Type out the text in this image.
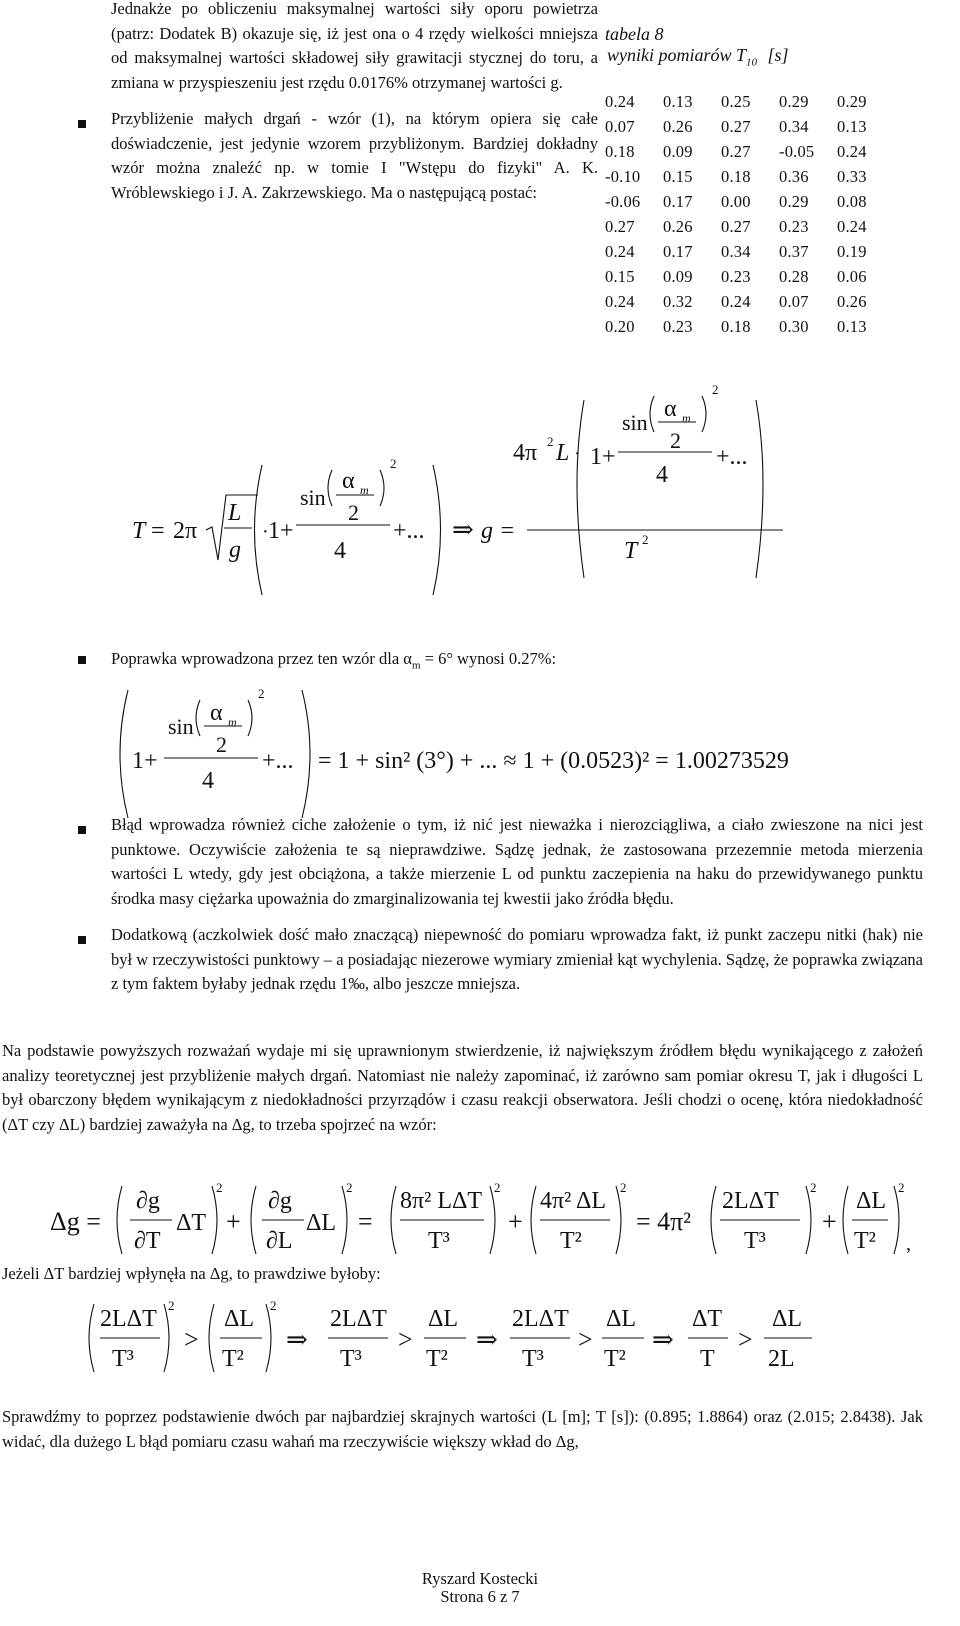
Jednakże po obliczeniu maksymalnej wartości siły oporu powietrza (patrz: Dodatek B) okazuje się, iż jest ona o 4 rzędy wielkości mniejsza od maksymalnej wartości składowej siły grawitacji stycznej do toru, a zmiana w przyspieszeniu jest rzędu 0.0176% otrzymanej wartości g.

Przybliżenie małych drgań - wzór (1), na którym opiera się całe doświadczenie, jest jedynie wzorem przybliżonym. Bardziej dokładny wzór można znaleźć np. w tomie I "Wstępu do fizyki" A. K. Wróblewskiego i J. A. Zakrzewskiego. Ma o następującą postać:

tabela 8
wyniki pomiarów $T_{10}$ [s]
0.24	0.13	0.25	0.29	0.29
0.07	0.26	0.27	0.34	0.13
0.18	0.09	0.27	-0.05	0.24
-0.10	0.15	0.18	0.36	0.33
-0.06	0.17	0.00	0.29	0.08
0.27	0.26	0.27	0.23	0.24
0.24	0.17	0.34	0.37	0.19
0.15	0.09	0.23	0.28	0.06
0.24	0.32	0.24	0.07	0.26
0.20	0.23	0.18	0.30	0.13
T = 2π
L
g
· 1+
sin
α m
2
2
4
+... ⇒ g =
4π 2 L · 1+
sin
α m
2
2
4
+...
T 2
Poprawka wprowadzona przez ten wzór dla $\alpha_m = 6^\circ$ wynosi 0.27%:
1+
sin
α m
2
2
4
+... = 1 + sin² (3°) + ... ≈ 1 + (0.0523)² = 1.00273529

Błąd wprowadza również ciche założenie o tym, iż nić jest nieważka i nierozciągliwa, a ciało zwieszone na nici jest punktowe. Oczywiście założenia te są nieprawdziwe. Sądzę jednak, że zastosowana przezemnie metoda mierzenia wartości L wtedy, gdy jest obciążona, a także mierzenie L od punktu zaczepienia na haku do przewidywanego punktu środka masy ciężarka upoważnia do zmarginalizowania tej kwestii jako źródła błędu.

Dodatkową (aczkolwiek dość mało znaczącą) niepewność do pomiaru wprowadza fakt, iż punkt zaczepu nitki (hak) nie był w rzeczywistości punktowy – a posiadając niezerowe wymiary zmieniał kąt wychylenia. Sądzę, że poprawka związana z tym faktem byłaby jednak rzędu 1‰, albo jeszcze mniejsza.

Na podstawie powyższych rozważań wydaje mi się uprawnionym stwierdzenie, iż największym źródłem błędu wynikającego z założeń analizy teoretycznej jest przybliżenie małych drgań. Natomiast nie należy zapominać, iż zarówno sam pomiar okresu T, jak i długości L był obarczony błędem wynikającym z niedokładności przyrządów i czasu reakcji obserwatora. Jeśli chodzi o ocenę, która niedokładność (ΔT czy ΔL) bardziej zaważyła na Δg, to trzeba spojrzeć na wzór:

Δg =
∂g
∂T
ΔT
2
+
∂g
∂L
ΔL
2
=
8π² LΔT
T³
2
+
4π² ΔL
T²
2
= 4π²
2LΔT
T³
2
+
ΔL
T²
2
,

Jeżeli ΔT bardziej wpłynęła na Δg, to prawdziwe byłoby:

2LΔT
T³
2
>
ΔL
T²
2
⇒
2LΔT
T³
>
ΔL
T²
⇒
2LΔT
T³
>
ΔL
T²
⇒
ΔT
T
>
ΔL
2L

Sprawdźmy to poprzez podstawienie dwóch par najbardziej skrajnych wartości (L [m]; T [s]): (0.895; 1.8864) oraz (2.015; 2.8438). Jak widać, dla dużego L błąd pomiaru czasu wahań ma rzeczywiście większy wkład do Δg,

Ryszard Kostecki
Strona 6 z 7
